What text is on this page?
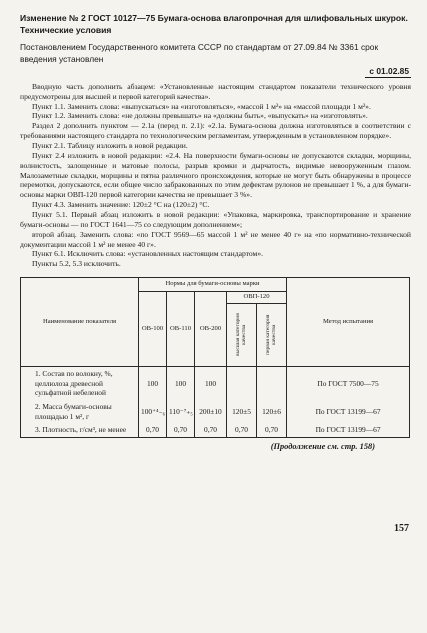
Изменение № 2 ГОСТ 10127—75 Бумага-основа влагопрочная для шлифовальных шкурок. Технические условия
Постановлением Государственного комитета СССР по стандартам от 27.09.84 № 3361 срок введения установлен
с 01.02.85

Вводную часть дополнить абзацем: «Установленные настоящим стандартом показатели технического уровня предусмотрены для высшей и первой категорий качества».

Пункт 1.1. Заменить слова: «выпускаться» на «изготовляться», «массой 1 м²» на «массой площади 1 м²».

Пункт 1.2. Заменить слова: «не должны превышать» на «должны быть», «выпускать» на «изготовлять».

Раздел 2 дополнить пунктом — 2.1а (перед п. 2.1): «2.1а. Бумага-основа должна изготовляться в соответствии с требованиями настоящего стандарта по технологическим регламентам, утвержденным в установленном порядке».

Пункт 2.1. Таблицу изложить в новой редакции.

Пункт 2.4 изложить в новой редакции: «2.4. На поверхности бумаги-основы не допускаются складки, морщины, волнистость, залощенные и матовые полосы, разрыв кромки и дырчатость, видимые невооруженным глазом. Малозаметные складки, морщины и пятна различного происхождения, которые не могут быть обнаружены в процессе перемотки, допускаются, если общее число забракованных по этим дефектам рулонов не превышает 1 %, а для бумаги-основы марки ОВП-120 первой категории качества не превышает 3 %».

Пункт 4.3. Заменить значение: 120±2 °С на (120±2) °С.

Пункт 5.1. Первый абзац изложить в новой редакции: «Упаковка, маркировка, транспортирование и хранение бумаги-основы — по ГОСТ 1641—75 со следующим дополнением»;

второй абзац. Заменить слова: «по ГОСТ 9569—65 массой 1 м² не менее 40 г» на «по нормативно-технической документации массой 1 м² не менее 40 г».

Пункт 6.1. Исключить слова: «установленных настоящим стандартом».

Пункты 5.2, 5.3 исключить.

Наименование показателя	Нормы для бумаги-основы марки					Метод испытания
	ОВ-100	ОВ-110	ОВ-200	ОВП-120		

				высшая категория качества	первая категория качества	

1. Состав по волокну, %, целлюлоза древесной сульфатной небеленой	100	100	100			По ГОСТ 7500—75
2. Масса бумаги-основы площадью 1 м², г	100⁺⁴₋₆	110⁻⁷₊₅	200±10	120±5	120±6	По ГОСТ 13199—67
3. Плотность, г/см³, не менее	0,70	0,70	0,70	0,70	0,70	По ГОСТ 13199—67
(Продолжение см. стр. 158)
157
